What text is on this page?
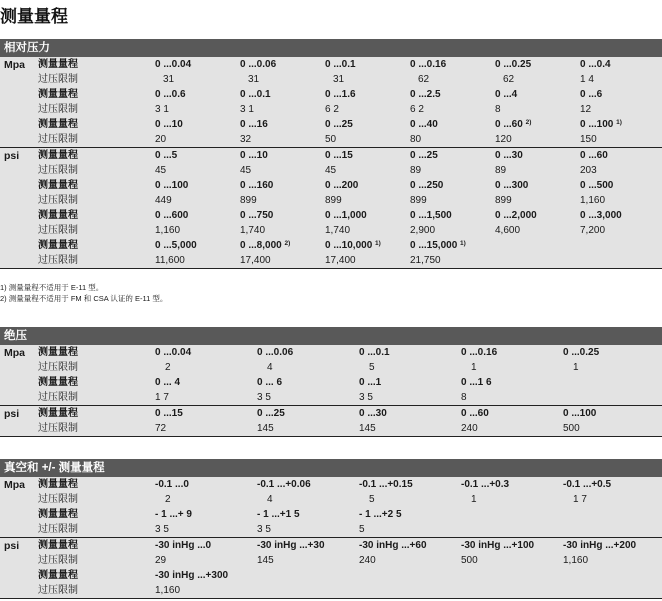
测量量程
相对压力
Mpa 测量量程	0 ...0.04	0 ...0.06	0 ...0.1	0 ...0.16	0 ...0.25	0 ...0.4
过压限制	31	31	31	62	62	1 4
测量量程	0 ...0.6	0 ...0.1	0 ...1.6	0 ...2.5	0 ...4	0 ...6
过压限制	3 1	3 1	6 2	6 2	8	12
测量量程	0 ...10	0 ...16	0 ...25	0 ...40	0 ...60 $^{2)}$	0 ...100 $^{1)}$
过压限制	20	32	50	80	120	150
psi 测量量程	0 ...5	0 ...10	0 ...15	0 ...25	0 ...30	0 ...60
过压限制	45	45	45	89	89	203
测量量程	0 ...100	0 ...160	0 ...200	0 ...250	0 ...300	0 ...500
过压限制	449	899	899	899	899	1,160
测量量程	0 ...600	0 ...750	0 ...1,000	0 ...1,500	0 ...2,000	0 ...3,000
过压限制	1,160	1,740	1,740	2,900	4,600	7,200
测量量程	0 ...5,000	0 ...8,000 $^{2)}$	0 ...10,000 $^{1)}$	0 ...15,000 $^{1)}$
过压限制	11,600	17,400	17,400	21,750
绝压
Mpa 测量量程	0 ...0.04	0 ...0.06	0 ...0.1	0 ...0.16	0 ...0.25
过压限制	2	4	5	1	1
测量量程	0 ... 4	0 ... 6	0 ...1	0 ...1 6
过压限制	1 7	3 5	3 5	8
psi 测量量程	0 ...15	0 ...25	0 ...30	0 ...60	0 ...100
过压限制	72	145	145	240	500
真空和 +/- 测量量程
Mpa 测量量程	-0.1 ...0	-0.1 ...+0.06	-0.1 ...+0.15	-0.1 ...+0.3	-0.1 ...+0.5
过压限制	2	4	5	1	1 7
测量量程	- 1 ...+ 9	- 1 ...+1 5	- 1 ...+2 5
过压限制	3 5	3 5	5
psi 测量量程	-30 inHg ...0	-30 inHg ...+30	-30 inHg ...+60	-30 inHg ...+100	-30 inHg ...+200
过压限制	29	145	240	500	1,160
测量量程	-30 inHg ...+300
过压限制	1,160
1) 测量量程不适用于 E-11 型。
2) 测量量程不适用于 FM 和 CSA 认证的 E-11 型。
